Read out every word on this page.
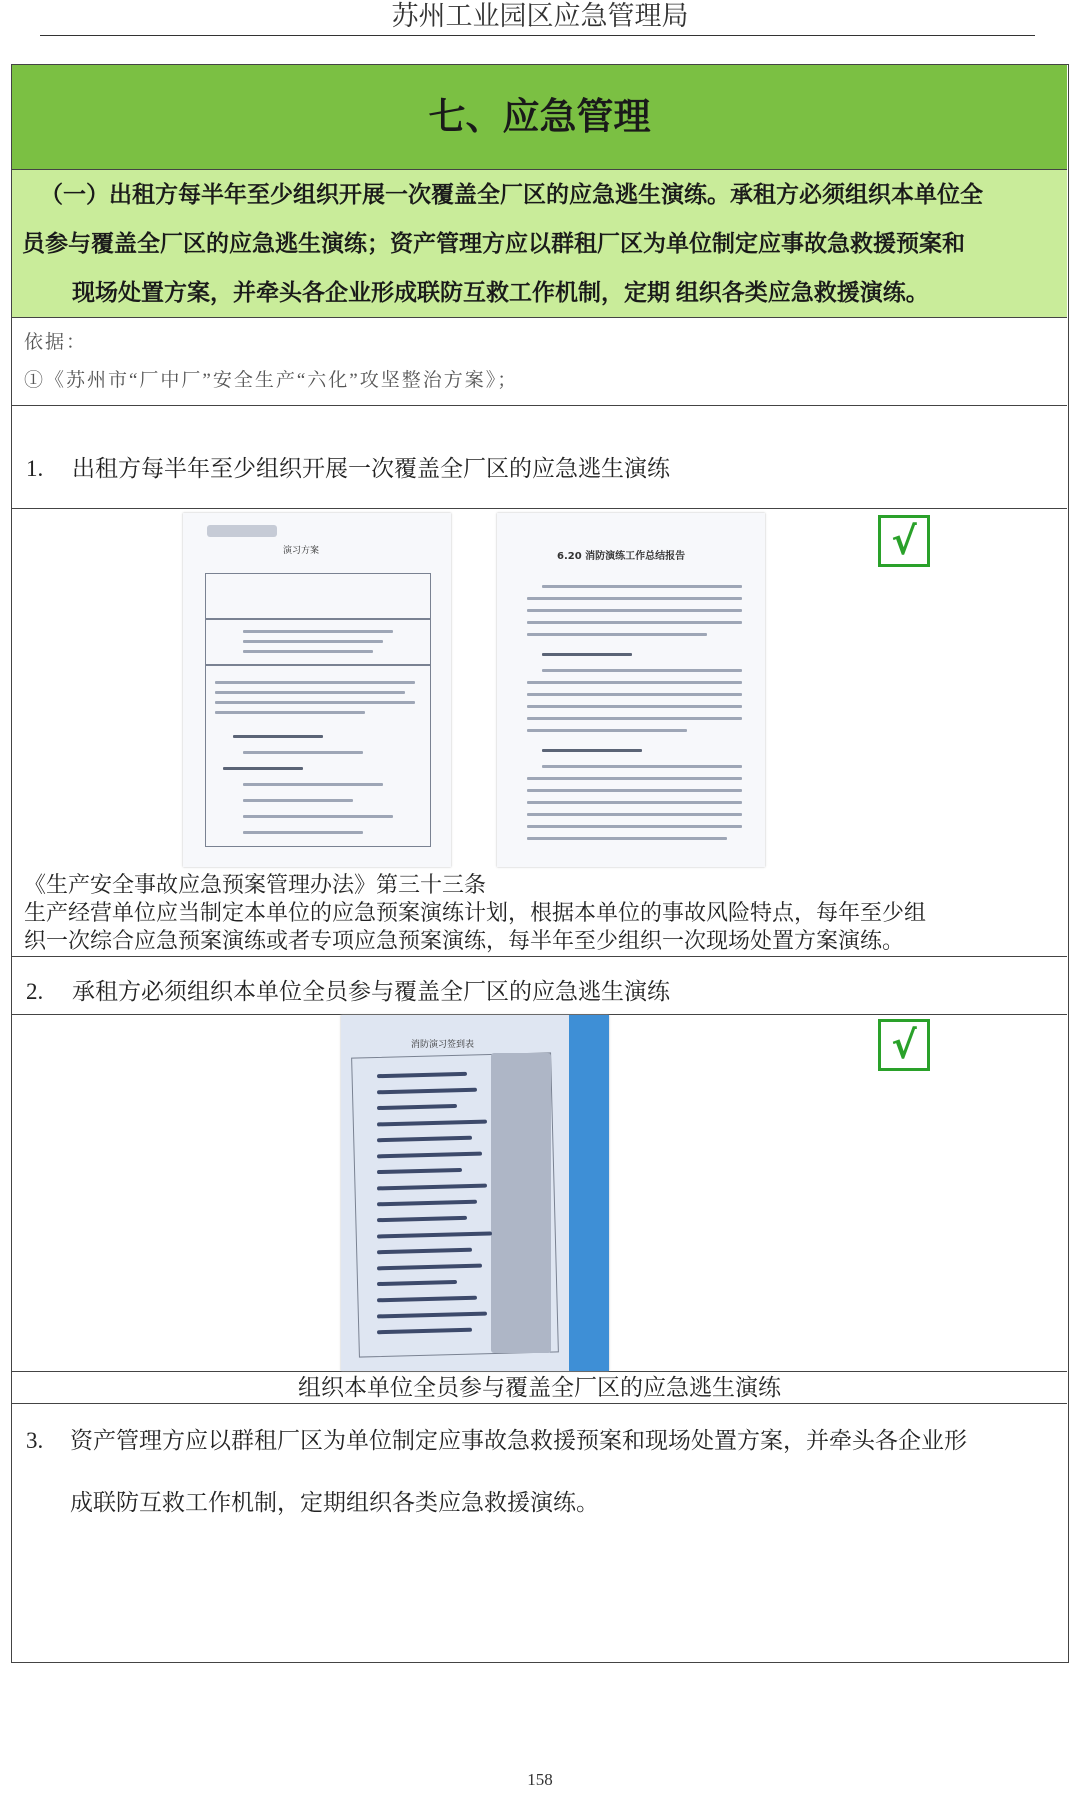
苏州工业园区应急管理局
七、应急管理
（一）出租方每半年至少组织开展一次覆盖全厂区的应急逃生演练。承租方必须组织本单位全
员参与覆盖全厂区的应急逃生演练；资产管理方应以群租厂区为单位制定应事故急救援预案和
现场处置方案，并牵头各企业形成联防互救工作机制，定期 组织各类应急救援演练。
依据：
①《苏州市“厂中厂”安全生产“六化”攻坚整治方案》；
1. 出租方每半年至少组织开展一次覆盖全厂区的应急逃生演练
演习方案	6.20 消防演练工作总结报告	√
《生产安全事故应急预案管理办法》第三十三条
生产经营单位应当制定本单位的应急预案演练计划，根据本单位的事故风险特点，每年至少组
织一次综合应急预案演练或者专项应急预案演练，每半年至少组织一次现场处置方案演练。
2. 承租方必须组织本单位全员参与覆盖全厂区的应急逃生演练
消防演习签到表	√
组织本单位全员参与覆盖全厂区的应急逃生演练
3. 资产管理方应以群租厂区为单位制定应事故急救援预案和现场处置方案，并牵头各企业形
成联防互救工作机制，定期组织各类应急救援演练。
158
